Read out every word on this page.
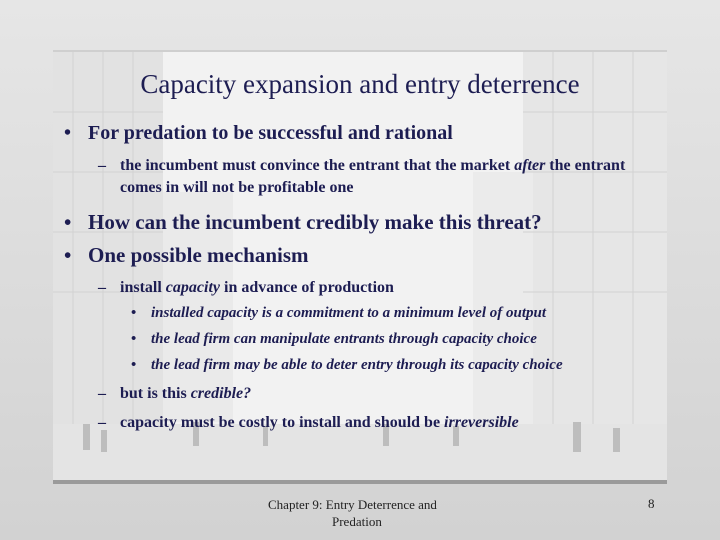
Capacity expansion and entry deterrence
• For predation to be successful and rational
– the incumbent must convince the entrant that the market after the entrant comes in will not be profitable one
• How can the incumbent credibly make this threat?
• One possible mechanism
– install capacity in advance of production
• installed capacity is a commitment to a minimum level of output
• the lead firm can manipulate entrants through capacity choice
• the lead firm may be able to deter entry through its capacity choice
– but is this credible?
– capacity must be costly to install and should be irreversible
Chapter 9: Entry Deterrence and
Predation
8
